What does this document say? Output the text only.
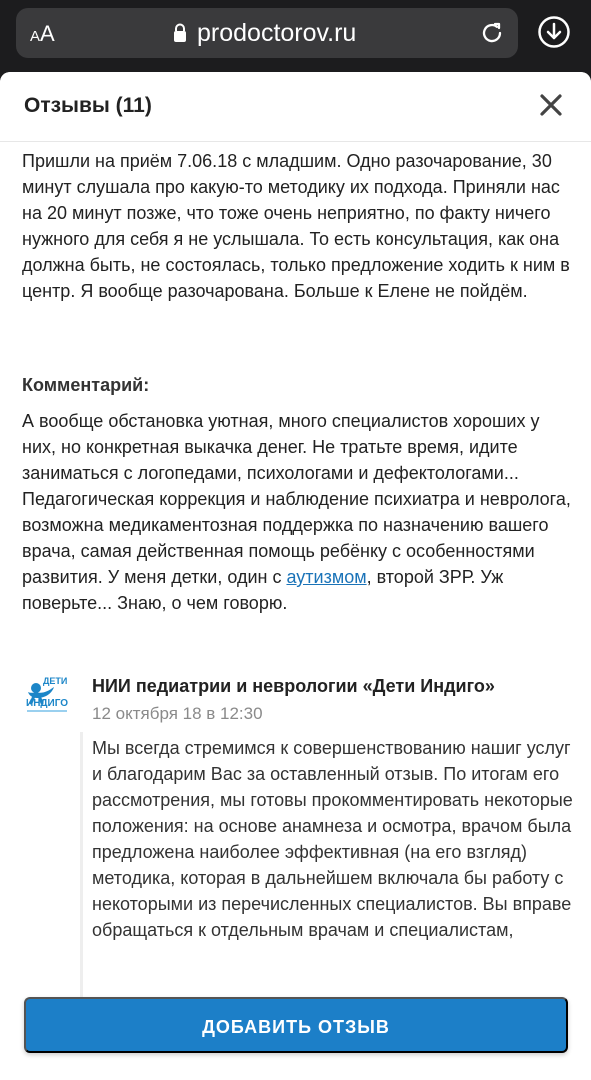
AA	prodoctorov.ru
Отзывы (11)

Пришли на приём 7.06.18 с младшим. Одно разочарование, 30 минут слушала про какую-то методику их подхода. Приняли нас на 20 минут позже, что тоже очень неприятно, по факту ничего нужного для себя я не услышала. То есть консультация, как она должна быть, не состоялась, только предложение ходить к ним в центр. Я вообще разочарована. Больше к Елене не пойдём.

Комментарий:

А вообще обстановка уютная, много специалистов хороших у них, но конкретная выкачка денег. Не тратьте время, идите заниматься с логопедами, психологами и дефектологами... Педагогическая коррекция и наблюдение психиатра и невролога, возможна медикаментозная поддержка по назначению вашего врача, самая действенная помощь ребёнку с особенностями развития. У меня детки, один с аутизмом, второй ЗРР. Уж поверьте... Знаю, о чем говорю.

ДЕТИ
ИНДИГО
НИИ педиатрии и неврологии «Дети Индиго»
12 октября 18 в 12:30

Мы всегда стремимся к совершенствованию нашиг услуг и благодарим Вас за оставленный отзыв. По итогам его рассмотрения, мы готовы прокомментировать некоторые положения: на основе анамнеза и осмотра, врачом была предложена наиболее эффективная (на его взгляд) методика, которая в дальнейшем включала бы работу с некоторыми из перечисленных специалистов. Вы вправе обращаться к отдельным врачам и специалистам,

ДОБАВИТЬ ОТЗЫВ
